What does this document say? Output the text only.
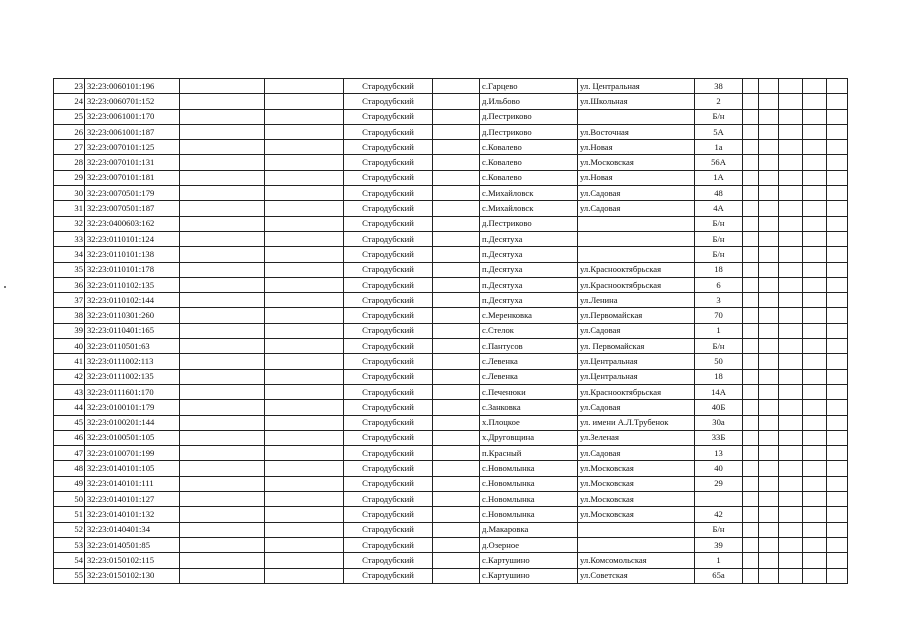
23	32:23:0060101:196			Стародубский		с.Гарцево	ул. Центральная	38					
24	32:23:0060701:152			Стародубский		д.Ильбово	ул.Школьная	2					
25	32:23:0061001:170			Стародубский		д.Пестриково		Б/н					
26	32:23:0061001:187			Стародубский		д.Пестриково	ул.Восточная	5А					
27	32:23:0070101:125			Стародубский		с.Ковалево	ул.Новая	1а					
28	32:23:0070101:131			Стародубский		с.Ковалево	ул.Московская	56А					
29	32:23:0070101:181			Стародубский		с.Ковалево	ул.Новая	1А					
30	32:23:0070501:179			Стародубский		с.Михайловск	ул.Садовая	48					
31	32:23:0070501:187			Стародубский		с.Михайловск	ул.Садовая	4А					
32	32:23:0400603:162			Стародубский		д.Пестриково		Б/н					
33	32:23:0110101:124			Стародубский		п.Десятуха		Б/н					
34	32:23:0110101:138			Стародубский		п.Десятуха		Б/н					
35	32:23:0110101:178			Стародубский		п.Десятуха	ул.Краснооктябрьская	18					
36	32:23:0110102:135			Стародубский		п.Десятуха	ул.Краснооктябрьская	6					
37	32:23:0110102:144			Стародубский		п.Десятуха	ул.Ленина	3					
38	32:23:0110301:260			Стародубский		с.Меренковка	ул.Первомайская	70					
39	32:23:0110401:165			Стародубский		с.Стелок	ул.Садовая	1					
40	32:23:0110501:63			Стародубский		с.Пантусов	ул. Первомайская	Б/н					
41	32:23:0111002:113			Стародубский		с.Левенка	ул.Центральная	50					
42	32:23:0111002:135			Стародубский		с.Левенка	ул.Центральная	18					
43	32:23:0111601:170			Стародубский		с.Печенюки	ул.Краснооктябрьская	14А					
44	32:23:0100101:179			Стародубский		с.Занковка	ул.Садовая	40Б					
45	32:23:0100201:144			Стародубский		х.Плоцкое	ул. имени А.Л.Трубенок	30а					
46	32:23:0100501:105			Стародубский		х.Друговщина	ул.Зеленая	33Б					
47	32:23:0100701:199			Стародубский		п.Красный	ул.Садовая	13					
48	32:23:0140101:105			Стародубский		с.Новомлынка	ул.Московская	40					
49	32:23:0140101:111			Стародубский		с.Новомлынка	ул.Московская	29					
50	32:23:0140101:127			Стародубский		с.Новомлынка	ул.Московская						
51	32:23:0140101:132			Стародубский		с.Новомлынка	ул.Московская	42					
52	32:23:0140401:34			Стародубский		д.Макаровка		Б/н					
53	32:23:0140501:85			Стародубский		д.Озерное		39					
54	32:23:0150102:115			Стародубский		с.Картушино	ул.Комсомольская	1					
55	32:23:0150102:130			Стародубский		с.Картушино	ул.Советская	65а					
